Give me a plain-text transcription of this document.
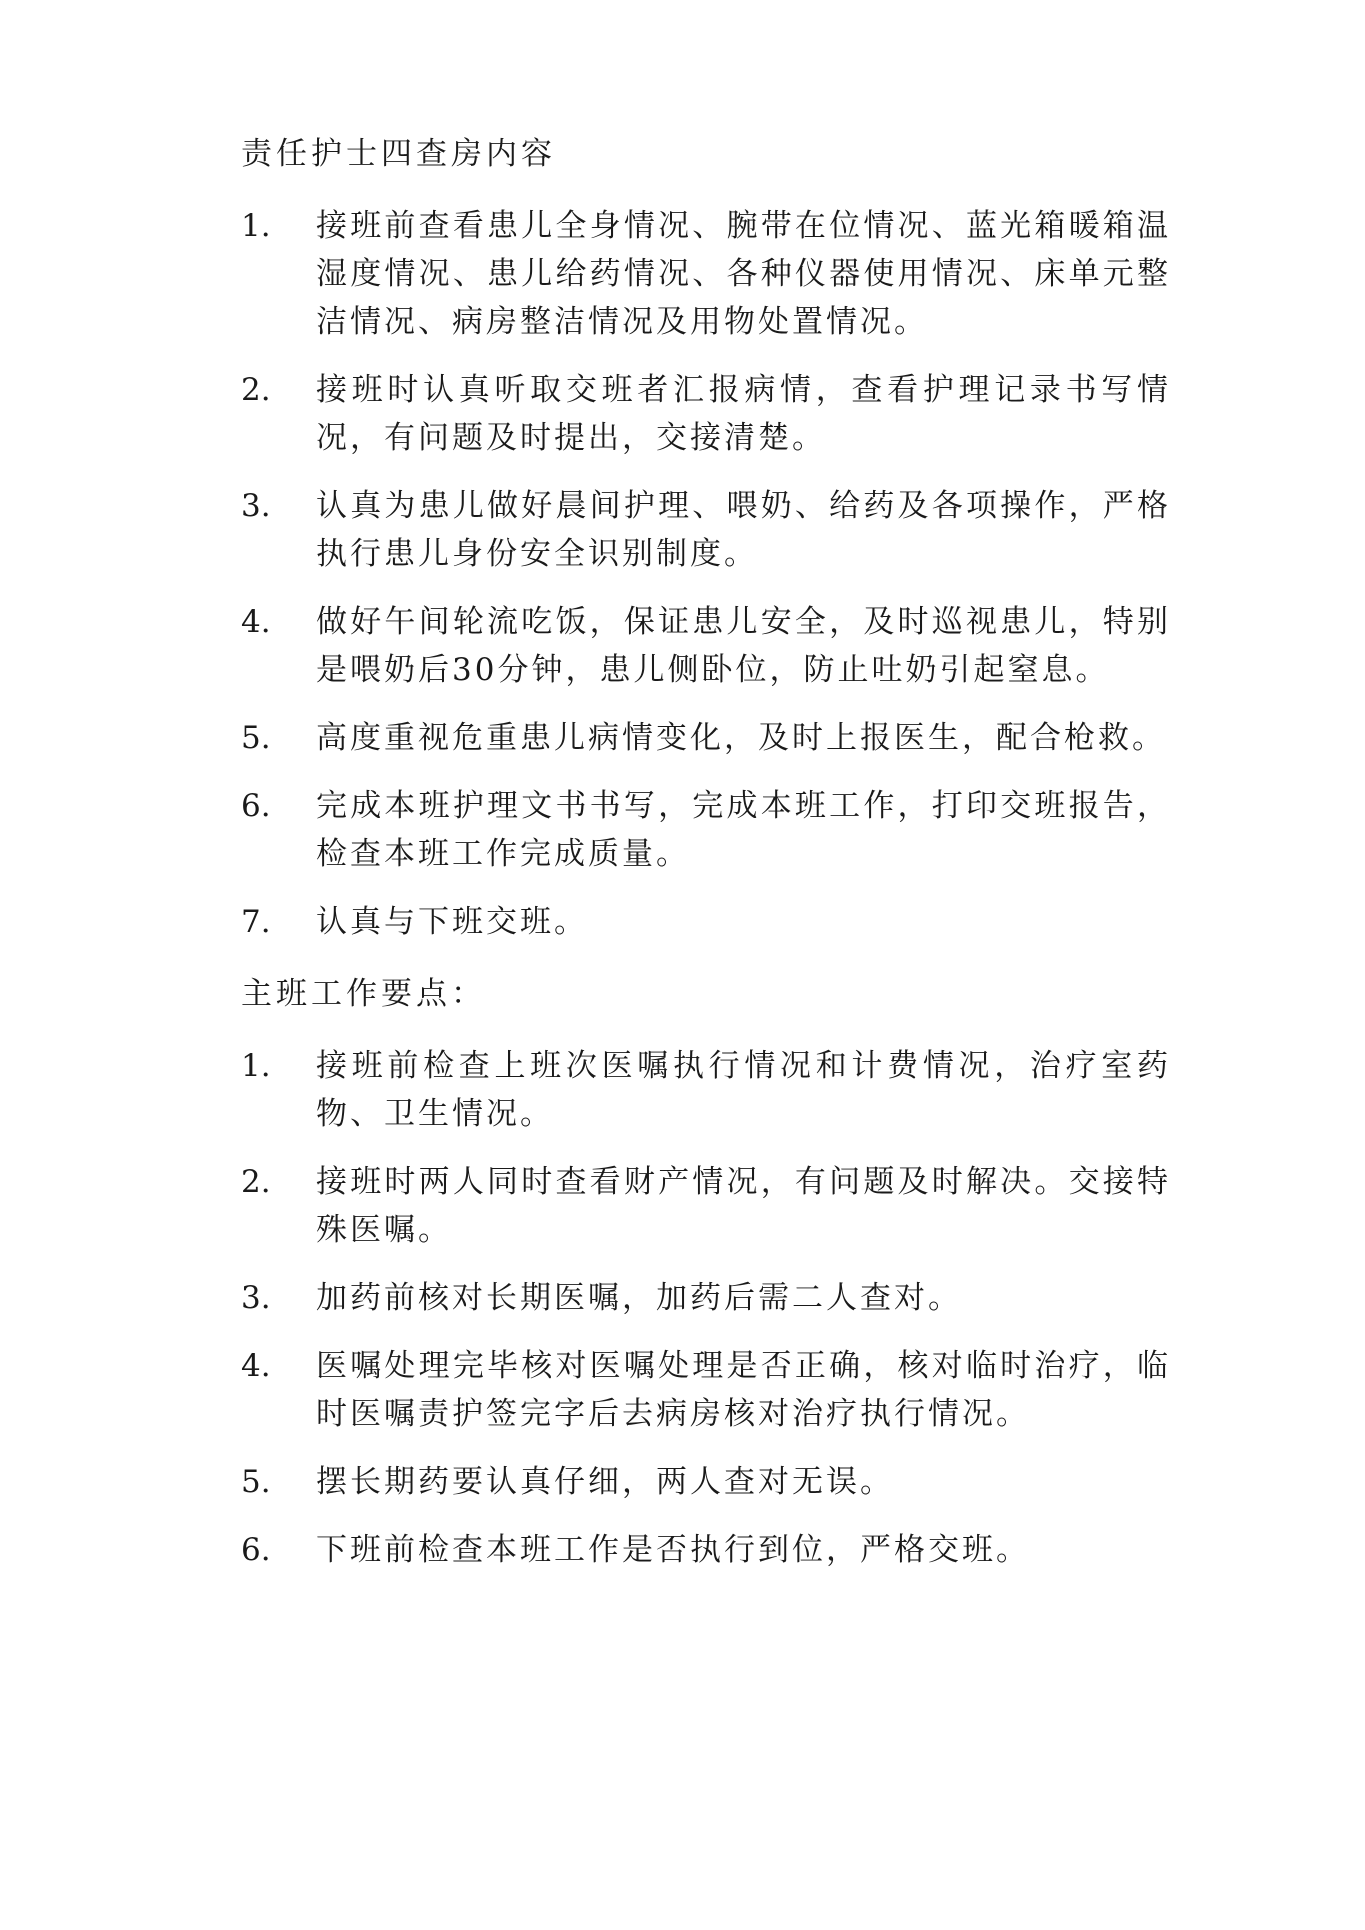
责任护士四查房内容
1.	接班前查看患儿全身情况、腕带在位情况、蓝光箱暖箱温湿度情况、患儿给药情况、各种仪器使用情况、床单元整洁情况、病房整洁情况及用物处置情况。
2.	接班时认真听取交班者汇报病情，查看护理记录书写情况，有问题及时提出，交接清楚。
3.	认真为患儿做好晨间护理、喂奶、给药及各项操作，严格执行患儿身份安全识别制度。
4.	做好午间轮流吃饭，保证患儿安全，及时巡视患儿，特别是喂奶后30分钟，患儿侧卧位，防止吐奶引起窒息。
5.	高度重视危重患儿病情变化，及时上报医生，配合枪救。
6.	完成本班护理文书书写，完成本班工作，打印交班报告，检查本班工作完成质量。
7.	认真与下班交班。
主班工作要点：
1.	接班前检查上班次医嘱执行情况和计费情况，治疗室药物、卫生情况。
2.	接班时两人同时查看财产情况，有问题及时解决。交接特殊医嘱。
3.	加药前核对长期医嘱，加药后需二人查对。
4.	医嘱处理完毕核对医嘱处理是否正确，核对临时治疗，临时医嘱责护签完字后去病房核对治疗执行情况。
5.	摆长期药要认真仔细，两人查对无误。
6.	下班前检查本班工作是否执行到位，严格交班。
